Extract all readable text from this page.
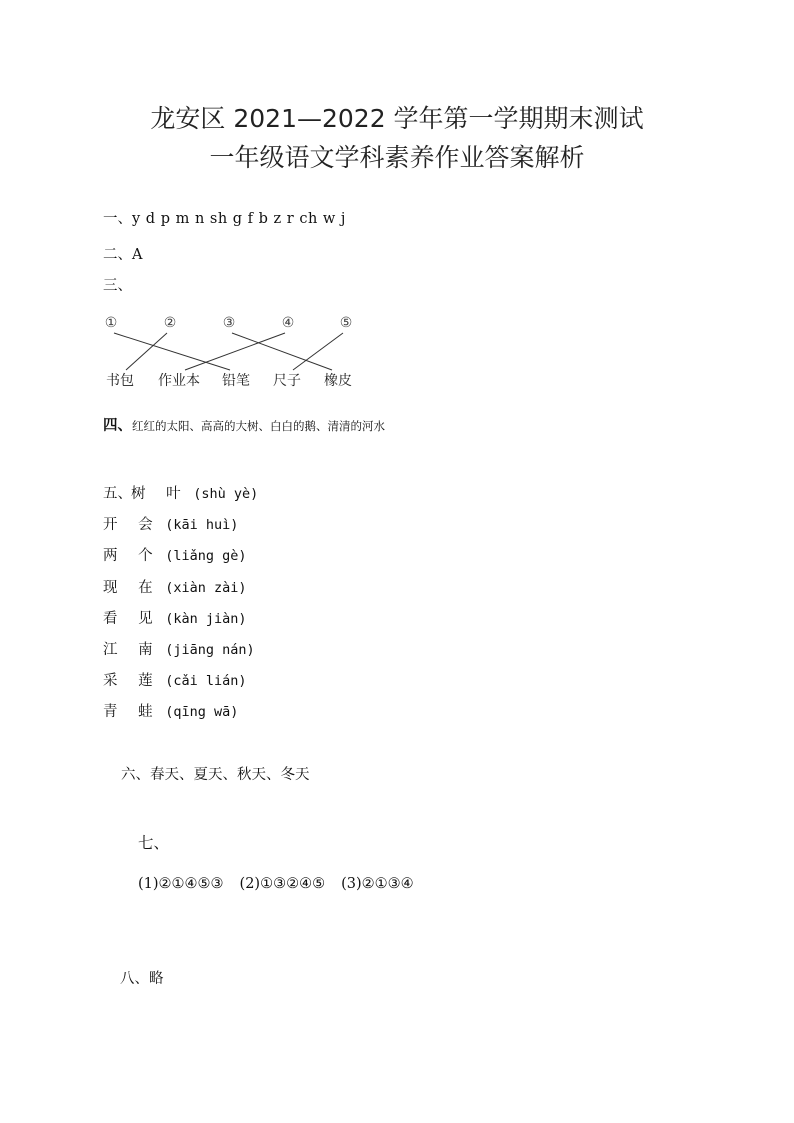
龙安区 2021—2022 学年第一学期期末测试
一年级语文学科素养作业答案解析
一、y d p m n sh g f b z r ch w j
二、A
三、
①	②	③	④	⑤
书包 作业本 铅笔 尺子 橡皮
四、红红的太阳、高高的大树、白白的鹅、清清的河水
五、 树 叶 (shù yè)
开 会 (kāi huì)
两 个 (liǎng gè)
现 在 (xiàn zài)
看 见 (kàn jiàn)
江 南 (jiāng nán)
采 莲 (cǎi lián)
青 蛙 (qīng wā)
六、春天、夏天、秋天、冬天
七、
(1)②①④⑤③ (2)①③②④⑤ (3)②①③④
八、略
